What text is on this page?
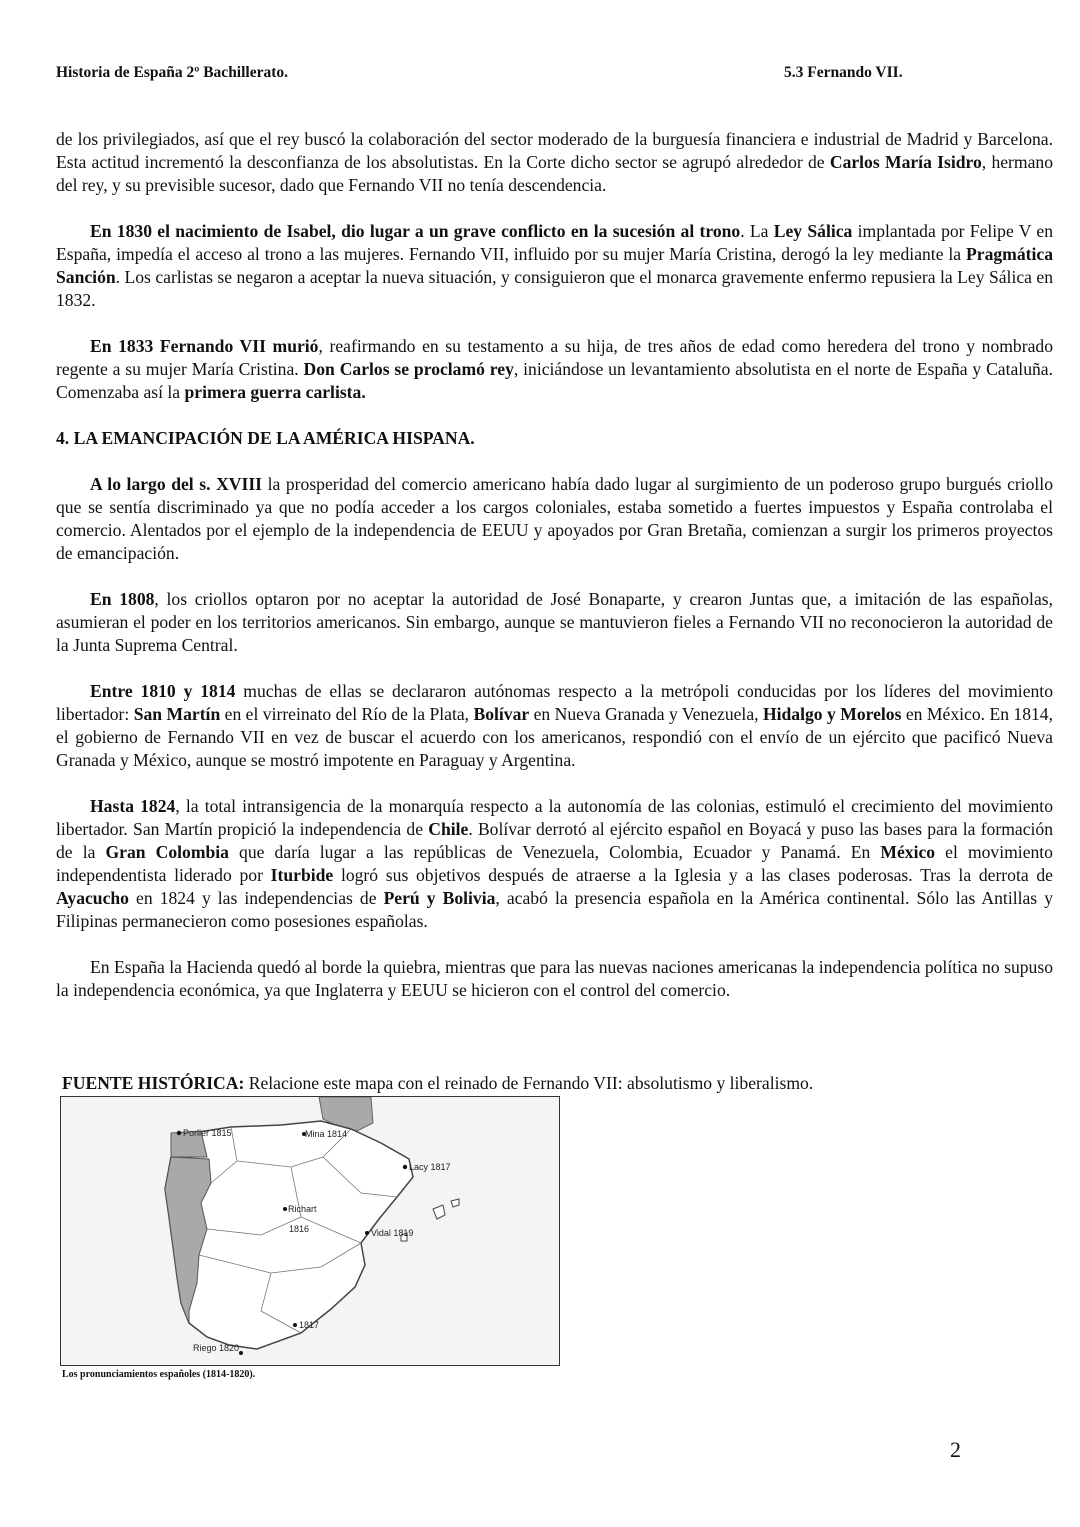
Historia de España 2º Bachillerato.	5.3 Fernando VII.

de los privilegiados, así que el rey buscó la colaboración del sector moderado de la burguesía financiera e industrial de Madrid y Barcelona. Esta actitud incrementó la desconfianza de los absolutistas. En la Corte dicho sector se agrupó alrededor de Carlos María Isidro, hermano del rey, y su previsible sucesor, dado que Fernando VII no tenía descendencia.

En 1830 el nacimiento de Isabel, dio lugar a un grave conflicto en la sucesión al trono. La Ley Sálica implantada por Felipe V en España, impedía el acceso al trono a las mujeres. Fernando VII, influido por su mujer María Cristina, derogó la ley mediante la Pragmática Sanción. Los carlistas se negaron a aceptar la nueva situación, y consiguieron que el monarca gravemente enfermo repusiera la Ley Sálica en 1832.

En 1833 Fernando VII murió, reafirmando en su testamento a su hija, de tres años de edad como heredera del trono y nombrado regente a su mujer María Cristina. Don Carlos se proclamó rey, iniciándose un levantamiento absolutista en el norte de España y Cataluña. Comenzaba así la primera guerra carlista.

4. LA EMANCIPACIÓN DE LA AMÉRICA HISPANA.

A lo largo del s. XVIII la prosperidad del comercio americano había dado lugar al surgimiento de un poderoso grupo burgués criollo que se sentía discriminado ya que no podía acceder a los cargos coloniales, estaba sometido a fuertes impuestos y España controlaba el comercio. Alentados por el ejemplo de la independencia de EEUU y apoyados por Gran Bretaña, comienzan a surgir los primeros proyectos de emancipación.

En 1808, los criollos optaron por no aceptar la autoridad de José Bonaparte, y crearon Juntas que, a imitación de las españolas, asumieran el poder en los territorios americanos. Sin embargo, aunque se mantuvieron fieles a Fernando VII no reconocieron la autoridad de la Junta Suprema Central.

Entre 1810 y 1814 muchas de ellas se declararon autónomas respecto a la metrópoli conducidas por los líderes del movimiento libertador: San Martín en el virreinato del Río de la Plata, Bolívar en Nueva Granada y Venezuela, Hidalgo y Morelos en México. En 1814, el gobierno de Fernando VII en vez de buscar el acuerdo con los americanos, respondió con el envío de un ejército que pacificó Nueva Granada y México, aunque se mostró impotente en Paraguay y Argentina.

Hasta 1824, la total intransigencia de la monarquía respecto a la autonomía de las colonias, estimuló el crecimiento del movimiento libertador. San Martín propició la independencia de Chile. Bolívar derrotó al ejército español en Boyacá y puso las bases para la formación de la Gran Colombia que daría lugar a las repúblicas de Venezuela, Colombia, Ecuador y Panamá. En México el movimiento independentista liderado por Iturbide logró sus objetivos después de atraerse a la Iglesia y a las clases poderosas. Tras la derrota de Ayacucho en 1824 y las independencias de Perú y Bolivia, acabó la presencia española en la América continental. Sólo las Antillas y Filipinas permanecieron como posesiones españolas.

En España la Hacienda quedó al borde la quiebra, mientras que para las nuevas naciones americanas la independencia política no supuso la independencia económica, ya que Inglaterra y EEUU se hicieron con el control del comercio.

FUENTE HISTÓRICA: Relacione este mapa con el reinado de Fernando VII: absolutismo y liberalismo.
Porlier 1815	Mina 1814
Lacy 1817
Richart
1816	Vidal 1819
1817
Riego 1820
Los pronunciamientos españoles (1814-1820).
2
